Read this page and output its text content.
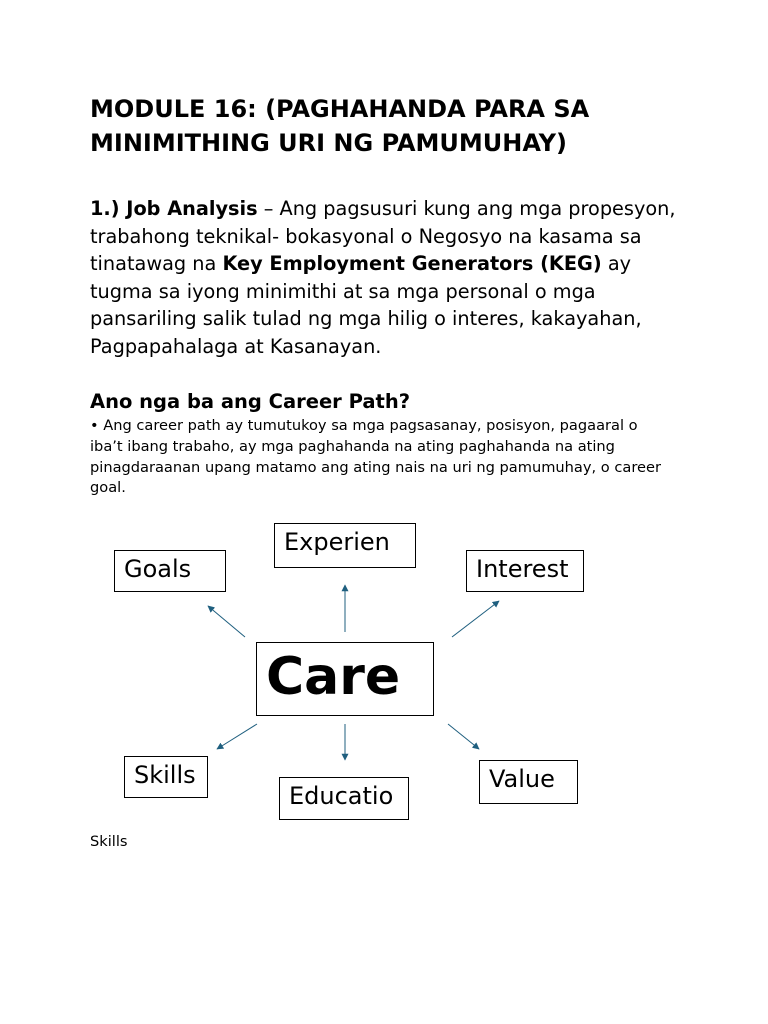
MODULE 16: (PAGHAHANDA PARA SA MINIMITHING URI NG PAMUMUHAY)

1.) Job Analysis – Ang pagsusuri kung ang mga propesyon, trabahong teknikal- bokasyonal o Negosyo na kasama sa tinatawag na Key Employment Generators (KEG) ay tugma sa iyong minimithi at sa mga personal o mga pansariling salik tulad ng mga hilig o interes, kakayahan, Pagpapahalaga at Kasanayan.

Ano nga ba ang Career Path?

• Ang career path ay tumutukoy sa mga pagsasanay, posisyon, pagaaral o iba’t ibang trabaho, ay mga paghahanda na ating paghahanda na ating pinagdaraanan upang matamo ang ating nais na uri ng pamumuhay, o career goal.

Goals
Experien
Interest
Care
Skills
Educatio
Value

Skills
